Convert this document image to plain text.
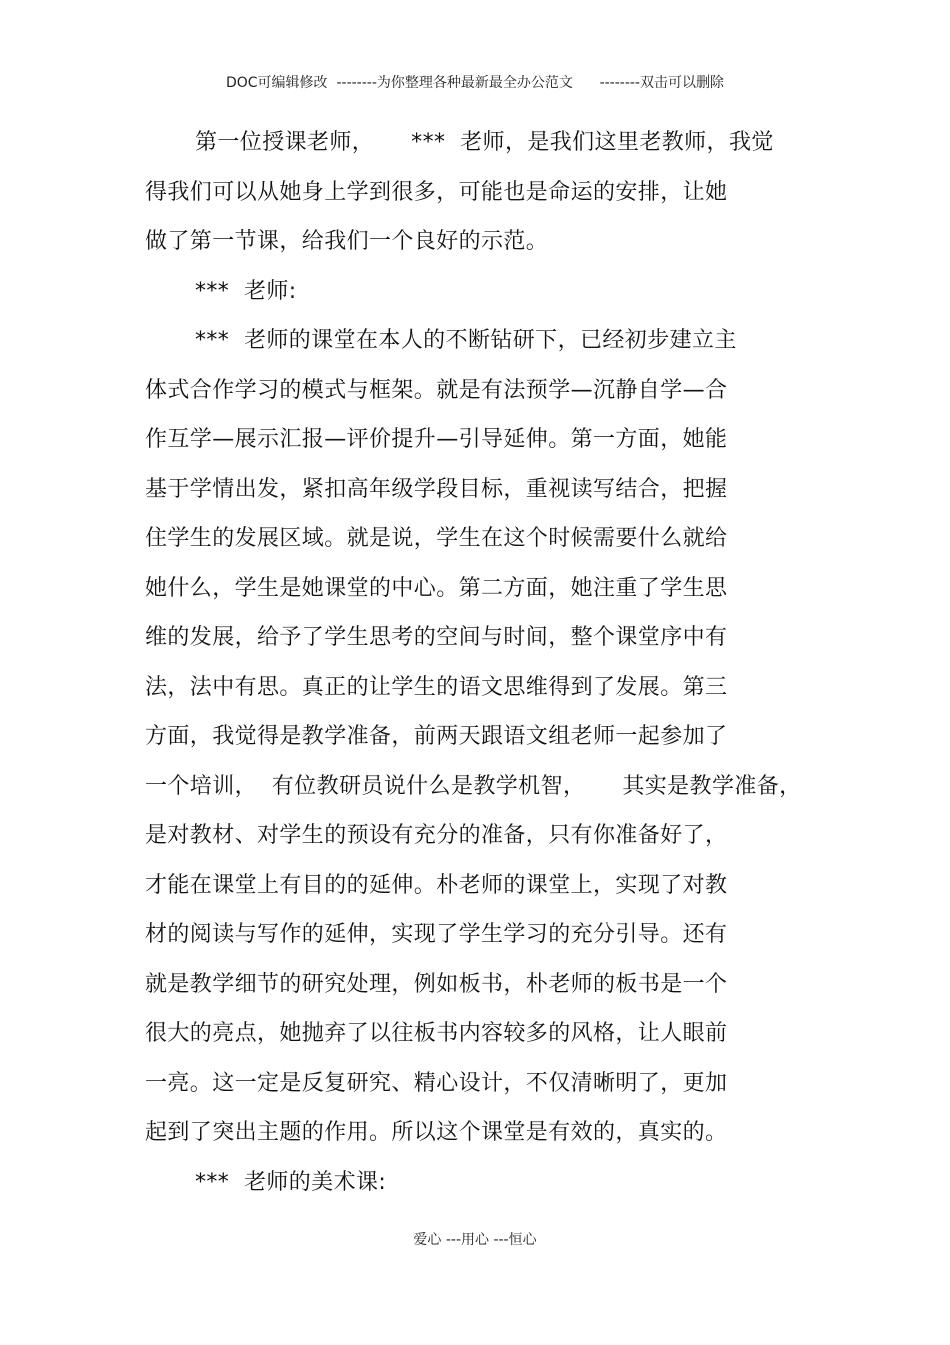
DOC可编辑修改  --------为你整理各种最新最全办公范文      --------双击可以删除
第一位授课老师，     ***  老师，是我们这里老教师，我觉
得我们可以从她身上学到很多，可能也是命运的安排，让她
做了第一节课，给我们一个良好的示范。
***  老师:
***  老师的课堂在本人的不断钻研下，已经初步建立主
体式合作学习的模式与框架。就是有法预学—沉静自学—合
作互学—展示汇报—评价提升—引导延伸。第一方面，她能
基于学情出发，紧扣高年级学段目标，重视读写结合，把握
住学生的发展区域。就是说，学生在这个时候需要什么就给
她什么，学生是她课堂的中心。第二方面，她注重了学生思
维的发展，给予了学生思考的空间与时间，整个课堂序中有
法，法中有思。真正的让学生的语文思维得到了发展。第三
方面，我觉得是教学准备，前两天跟语文组老师一起参加了
一个培训，  有位教研员说什么是教学机智，     其实是教学准备，
是对教材、对学生的预设有充分的准备，只有你准备好了，
才能在课堂上有目的的延伸。朴老师的课堂上，实现了对教
材的阅读与写作的延伸，实现了学生学习的充分引导。还有
就是教学细节的研究处理，例如板书，朴老师的板书是一个
很大的亮点，她抛弃了以往板书内容较多的风格，让人眼前
一亮。这一定是反复研究、精心设计，不仅清晰明了，更加
起到了突出主题的作用。所以这个课堂是有效的，真实的。
***  老师的美术课:
爱心 ---用心 ---恒心
